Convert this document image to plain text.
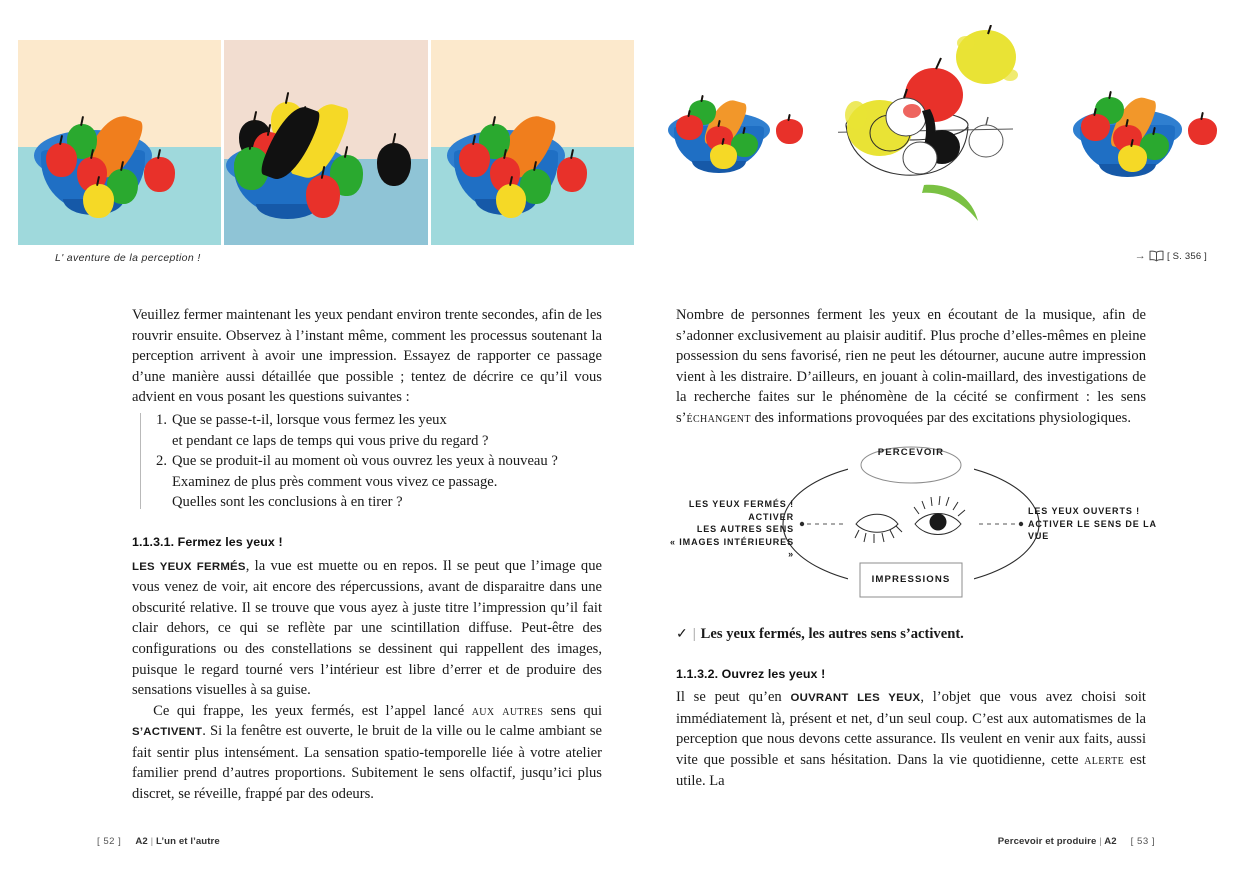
L' aventure de la perception !	→ [ S. 356 ]

Veuillez fermer maintenant les yeux pendant environ trente secondes, afin de les rouvrir ensuite. Observez à l’instant même, comment les processus soutenant la perception arrivent à avoir une impression. Essayez de rapporter ce passage d’une manière aussi détaillée que possible ; tentez de décrire ce qu’il vous advient en vous posant les questions suivantes :

1. Que se passe-t-il, lorsque vous fermez les yeux
et pendant ce laps de temps qui vous prive du regard ?
2. Que se produit-il au moment où vous ouvrez les yeux à nouveau ?
Examinez de plus près comment vous vivez ce passage.
Quelles sont les conclusions à en tirer ?
1.1.3.1. Fermez les yeux !

LES YEUX FERMÉS, la vue est muette ou en repos. Il se peut que l’image que vous venez de voir, ait encore des répercussions, avant de disparaitre dans une obscurité relative. Il se trouve que vous ayez à juste titre l’impression qu’il fait clair dehors, ce qui se reflète par une scintillation diffuse. Peut-être des configurations ou des constellations se dessinent qui rappellent des images, puisque le regard tourné vers l’intérieur est libre d’errer et de produire des sensations visuelles à sa guise.

Ce qui frappe, les yeux fermés, est l’appel lancé aux autres sens qui S’ACTIVENT. Si la fenêtre est ouverte, le bruit de la ville ou le calme ambiant se fait sentir plus intensément. La sensation spatio-temporelle liée à votre atelier familier prend d’autres proportions. Subitement le sens olfactif, jusqu’ici plus discret, se réveille, frappé par des odeurs.

Nombre de personnes ferment les yeux en écoutant de la musique, afin de s’adonner exclusivement au plaisir auditif. Plus proche d’elles-mêmes en pleine possession du sens favorisé, rien ne peut les détourner, aucune autre impression vient à les distraire. D’ailleurs, en jouant à colin-maillard, des investigations de la recherche faites sur le phénomène de la cécité se confirment : les sens s’échangent des informations provoquées par des excitations physiologiques.

PERCEVOIR
IMPRESSIONS
LES YEUX FERMÉS !
ACTIVER
LES AUTRES SENS
« IMAGES INTÉRIEURES »
LES YEUX OUVERTS !
ACTIVER LE SENS DE LA VUE
✓ | Les yeux fermés, les autres sens s’activent.
1.1.3.2. Ouvrez les yeux !

Il se peut qu’en OUVRANT LES YEUX, l’objet que vous avez choisi soit immédiatement là, présent et net, d’un seul coup. C’est aux automatismes de la perception que nous devons cette assurance. Ils veulent en venir aux faits, aussi vite que possible et sans hésitation. Dans la vie quotidienne, cette alerte est utile. La

[ 52 ] A2 | L’un et l’autre	Percevoir et produire | A2 [ 53 ]
